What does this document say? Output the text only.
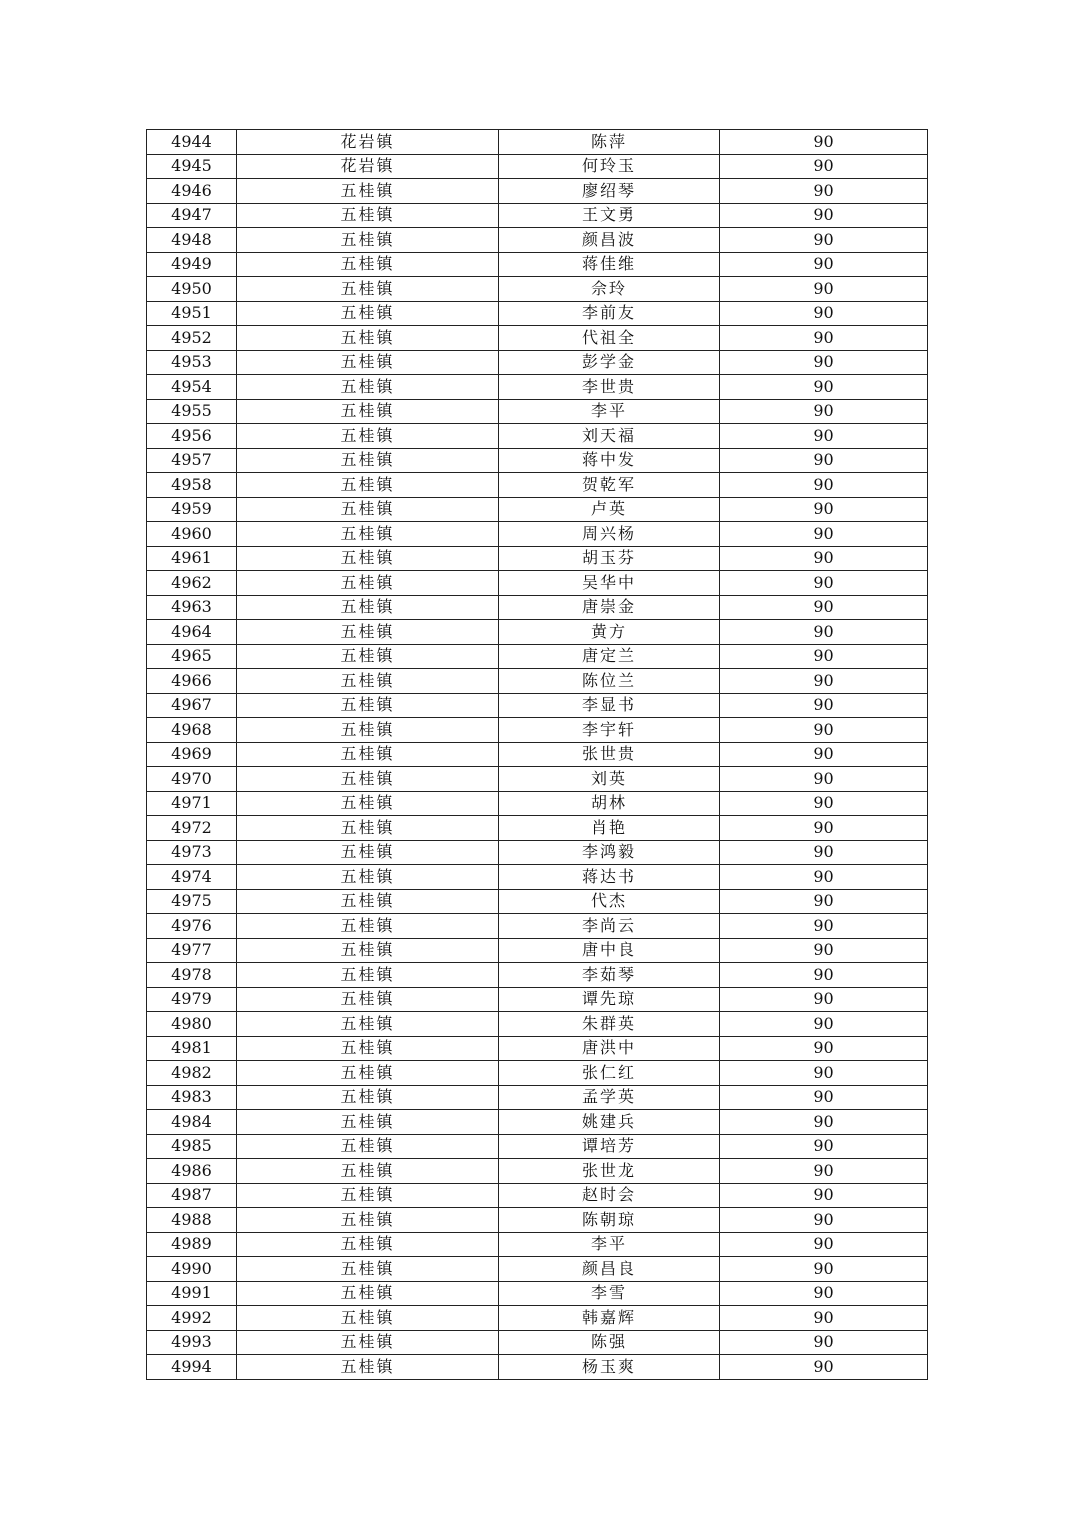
4944	花岩镇	陈萍	90
4945	花岩镇	何玲玉	90
4946	五桂镇	廖绍琴	90
4947	五桂镇	王文勇	90
4948	五桂镇	颜昌波	90
4949	五桂镇	蒋佳维	90
4950	五桂镇	佘玲	90
4951	五桂镇	李前友	90
4952	五桂镇	代祖全	90
4953	五桂镇	彭学金	90
4954	五桂镇	李世贵	90
4955	五桂镇	李平	90
4956	五桂镇	刘天福	90
4957	五桂镇	蒋中发	90
4958	五桂镇	贺乾军	90
4959	五桂镇	卢英	90
4960	五桂镇	周兴杨	90
4961	五桂镇	胡玉芬	90
4962	五桂镇	吴华中	90
4963	五桂镇	唐崇金	90
4964	五桂镇	黄方	90
4965	五桂镇	唐定兰	90
4966	五桂镇	陈位兰	90
4967	五桂镇	李显书	90
4968	五桂镇	李宇轩	90
4969	五桂镇	张世贵	90
4970	五桂镇	刘英	90
4971	五桂镇	胡林	90
4972	五桂镇	肖艳	90
4973	五桂镇	李鸿毅	90
4974	五桂镇	蒋达书	90
4975	五桂镇	代杰	90
4976	五桂镇	李尚云	90
4977	五桂镇	唐中良	90
4978	五桂镇	李茹琴	90
4979	五桂镇	谭先琼	90
4980	五桂镇	朱群英	90
4981	五桂镇	唐洪中	90
4982	五桂镇	张仁红	90
4983	五桂镇	孟学英	90
4984	五桂镇	姚建兵	90
4985	五桂镇	谭培芳	90
4986	五桂镇	张世龙	90
4987	五桂镇	赵时会	90
4988	五桂镇	陈朝琼	90
4989	五桂镇	李平	90
4990	五桂镇	颜昌良	90
4991	五桂镇	李雪	90
4992	五桂镇	韩嘉辉	90
4993	五桂镇	陈强	90
4994	五桂镇	杨玉爽	90
